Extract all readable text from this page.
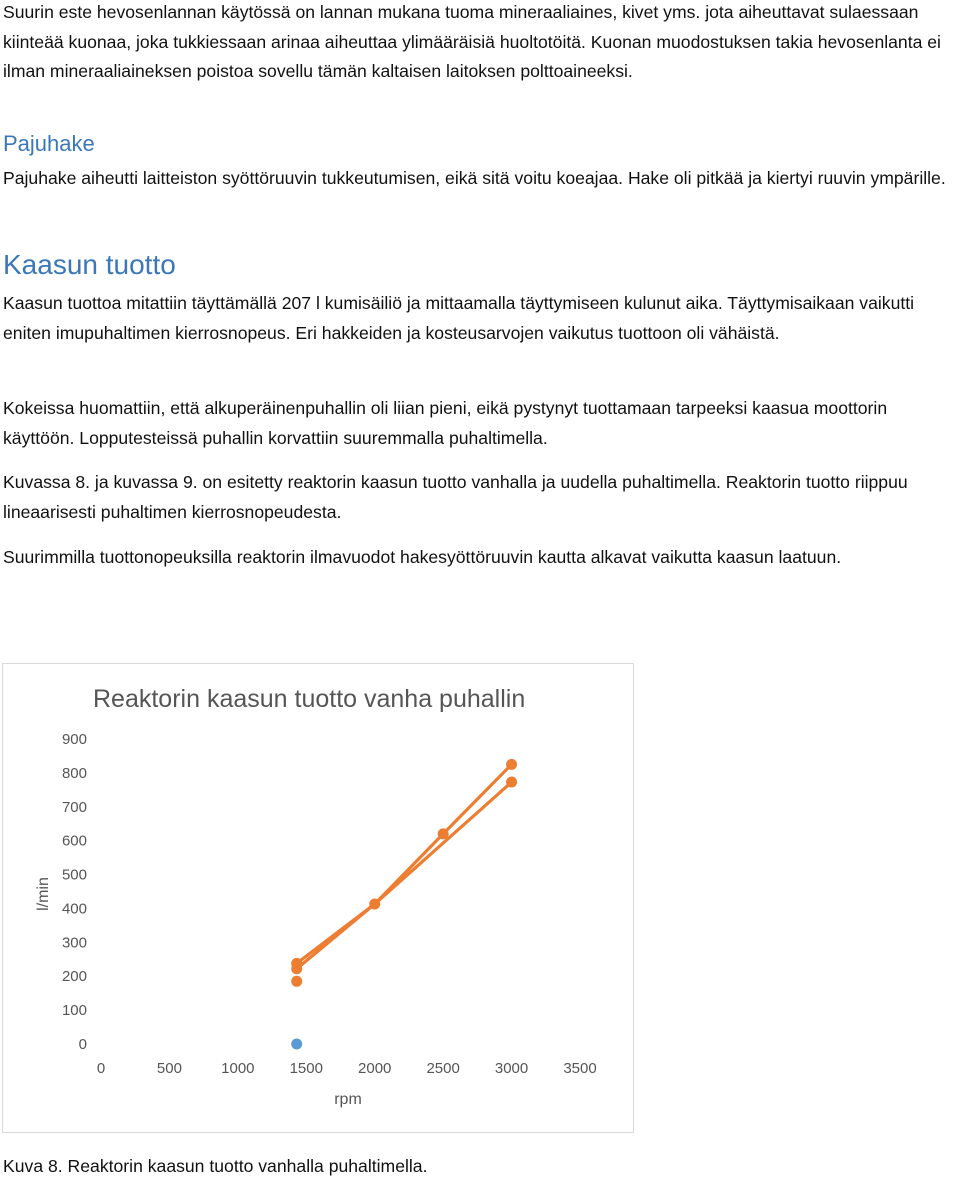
Suurin este hevosenlannan käytössä on lannan mukana tuoma mineraaliaines, kivet yms. jota aiheuttavat sulaessaan kiinteää kuonaa, joka tukkiessaan arinaa aiheuttaa ylimääräisiä huoltotöitä. Kuonan muodostuksen takia hevosenlanta ei ilman mineraaliaineksen poistoa sovellu tämän kaltaisen laitoksen polttoaineeksi.

Pajuhake

Pajuhake aiheutti laitteiston syöttöruuvin tukkeutumisen, eikä sitä voitu koeajaa. Hake oli pitkää ja kiertyi ruuvin ympärille.

Kaasun tuotto

Kaasun tuottoa mitattiin täyttämällä 207 l kumisäiliö ja mittaamalla täyttymiseen kulunut aika. Täyttymisaikaan vaikutti eniten imupuhaltimen kierrosnopeus. Eri hakkeiden ja kosteusarvojen vaikutus tuottoon oli vähäistä.

Kokeissa huomattiin, että alkuperäinenpuhallin oli liian pieni, eikä pystynyt tuottamaan tarpeeksi kaasua moottorin käyttöön. Lopputesteissä puhallin korvattiin suuremmalla puhaltimella.

Kuvassa 8. ja kuvassa 9. on esitetty reaktorin kaasun tuotto vanhalla ja uudella puhaltimella. Reaktorin tuotto riippuu lineaarisesti puhaltimen kierrosnopeudesta.

Suurimmilla tuottonopeuksilla reaktorin ilmavuodot hakesyöttöruuvin kautta alkavat vaikutta kaasun laatuun.

Reaktorin kaasun tuotto vanha puhallin
l/min
rpm
0
100
200
300
400
500
600
700
800
900
0	500	1000 1500 2000 2500 3000 3500

Kuva 8. Reaktorin kaasun tuotto vanhalla puhaltimella.
